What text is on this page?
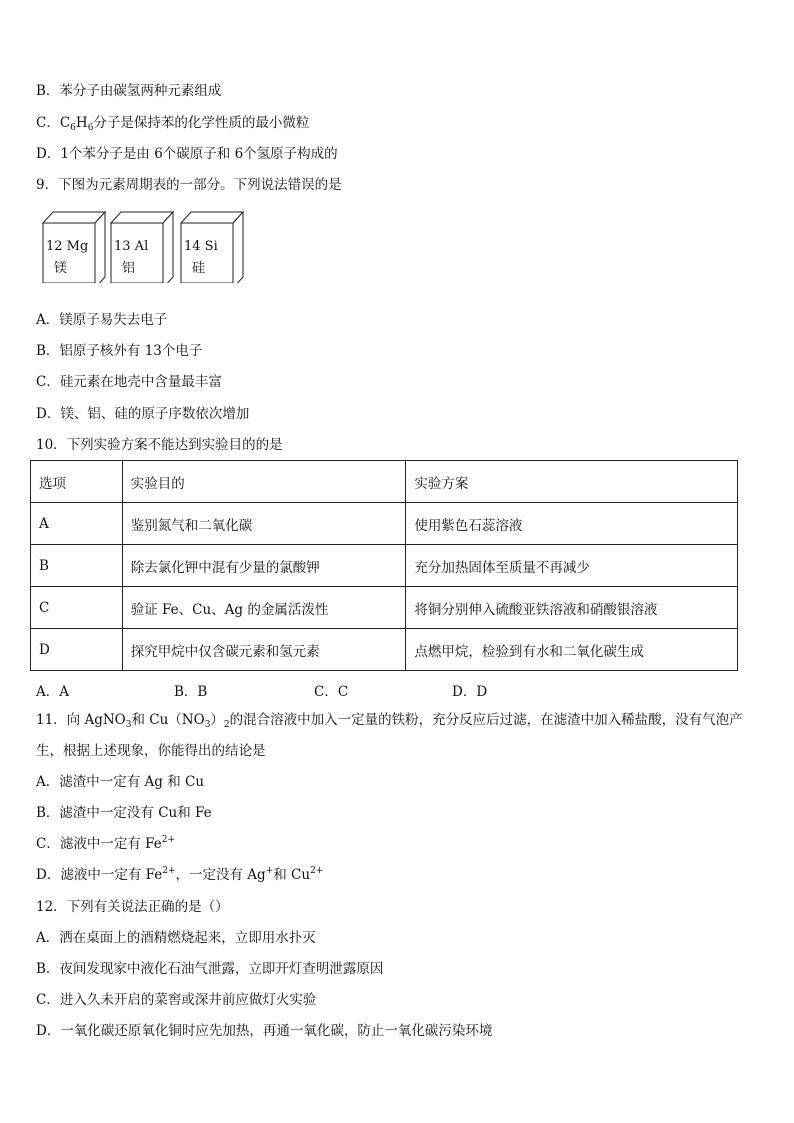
B．苯分子由碳氢两种元素组成
C．$C_6H_6$分子是保持苯的化学性质的最小微粒
D．1个苯分子是由 6个碳原子和 6个氢原子构成的
9．下图为元素周期表的一部分。下列说法错误的是
12 Mg
镁
13 Al
铝
14 Si
硅
A．镁原子易失去电子
B．铝原子核外有 13个电子
C．硅元素在地壳中含量最丰富
D．镁、铝、硅的原子序数依次增加
10．下列实验方案不能达到实验目的的是
选项	实验目的	实验方案
A	鉴别氮气和二氧化碳	使用紫色石蕊溶液
B	除去氯化钾中混有少量的氯酸钾	充分加热固体至质量不再减少
C	验证 Fe、Cu、Ag 的金属活泼性	将铜分别伸入硫酸亚铁溶液和硝酸银溶液
D	探究甲烷中仅含碳元素和氢元素	点燃甲烷，检验到有水和二氧化碳生成
A．A	B．B	C．C	D．D
11．向 AgNO$_3$和 $Cu(NO_3)_2$的混合溶液中加入一定量的铁粉，充分反应后过滤，在滤渣中加入稀盐酸，没有气泡产
生，根据上述现象，你能得出的结论是
A．滤渣中一定有 Ag 和 Cu
B．滤渣中一定没有 Cu和 Fe
C．滤液中一定有 $Fe^{2+}$
D．滤液中一定有 $Fe^{2+}$，一定没有 Ag+和 $Cu^{2+}$
12．下列有关说法正确的是（）
A．洒在桌面上的酒精燃烧起来，立即用水扑灭
B．夜间发现家中液化石油气泄露，立即开灯查明泄露原因
C．进入久未开启的菜窖或深井前应做灯火实验
D．一氧化碳还原氧化铜时应先加热，再通一氧化碳，防止一氧化碳污染环境
